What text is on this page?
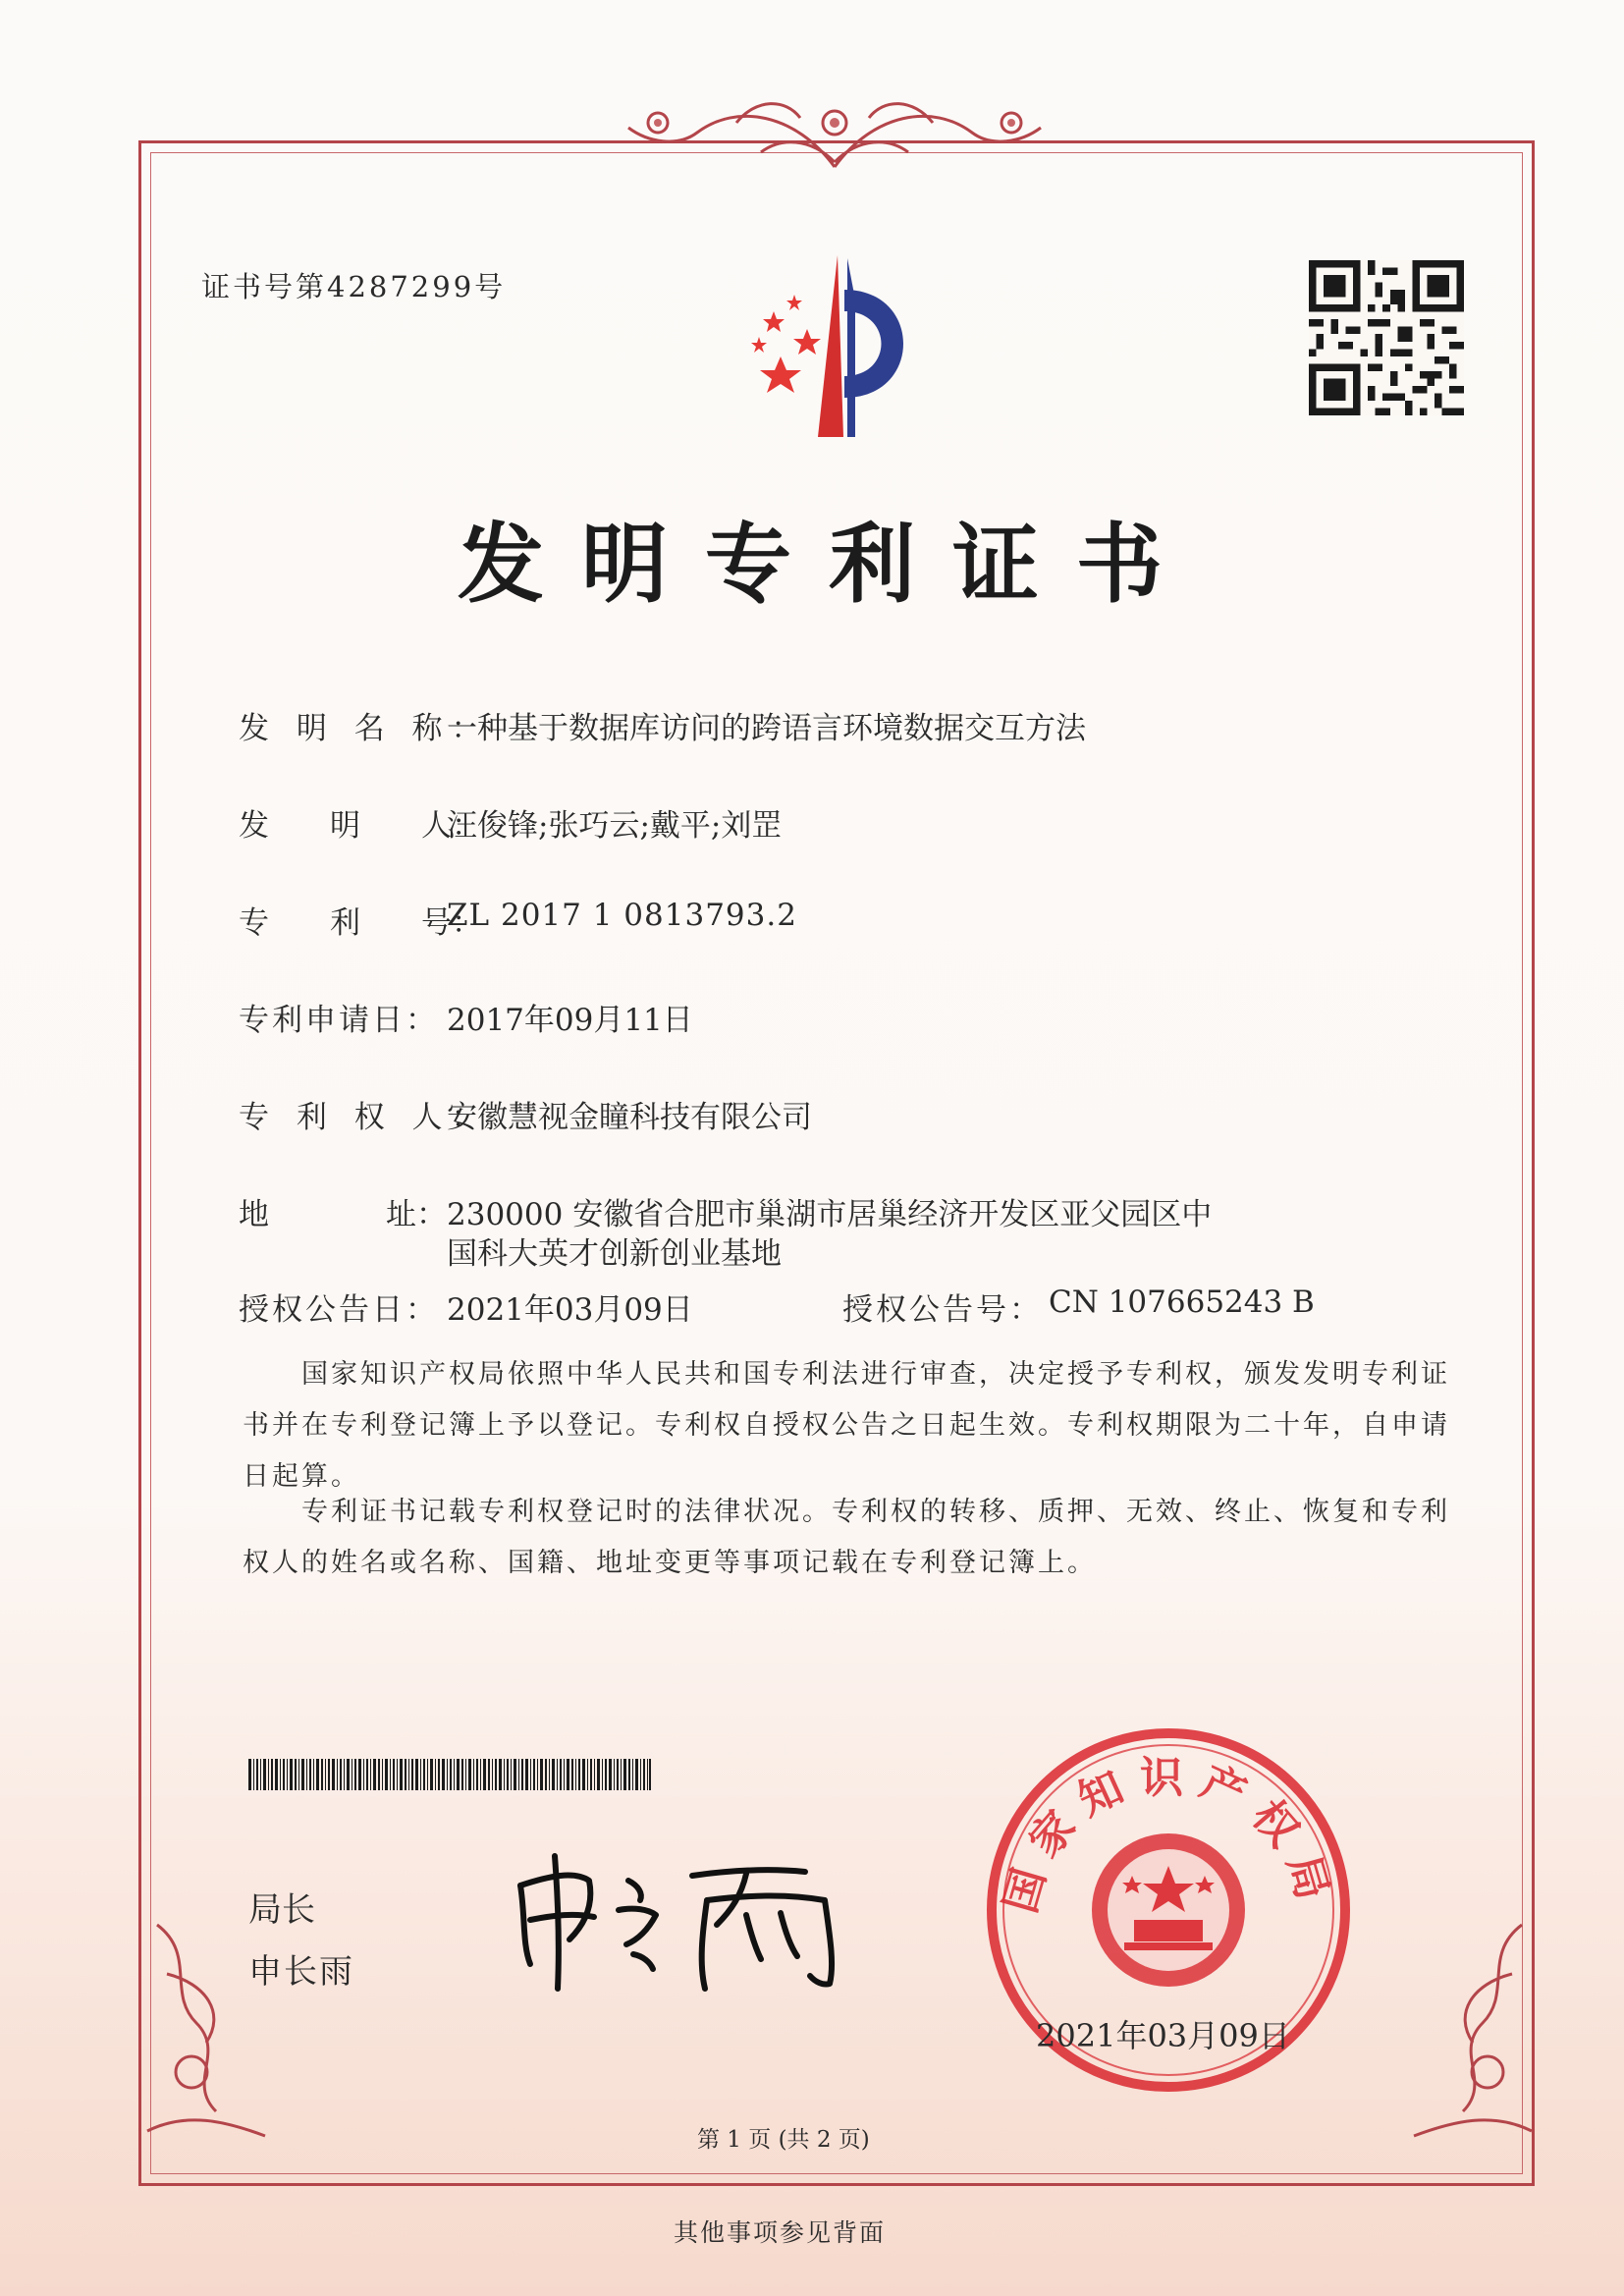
证书号第4287299号
发明专利证书
发 明 名 称：
一种基于数据库访问的跨语言环境数据交互方法
发　　明　　人：
汪俊锋;张巧云;戴平;刘罡
专　　利　　号：
ZL 2017 1 0813793.2
专利申请日： 2017年09月11日
专 利 权 人：
安徽慧视金瞳科技有限公司
地	址： 230000 安徽省合肥市巢湖市居巢经济开发区亚父园区中
国科大英才创新创业基地
授权公告日： 2021年03月09日	授权公告号： CN 107665243 B
国家知识产权局依照中华人民共和国专利法进行审查，决定授予专利权，颁发发明专利证书并在专利登记簿上予以登记。专利权自授权公告之日起生效。专利权期限为二十年，自申请日起算。
专利证书记载专利权登记时的法律状况。专利权的转移、质押、无效、终止、恢复和专利权人的姓名或名称、国籍、地址变更等事项记载在专利登记簿上。
局长
申长雨
国家知识产权局
2021年03月09日
第 1 页 (共 2 页)
其他事项参见背面
